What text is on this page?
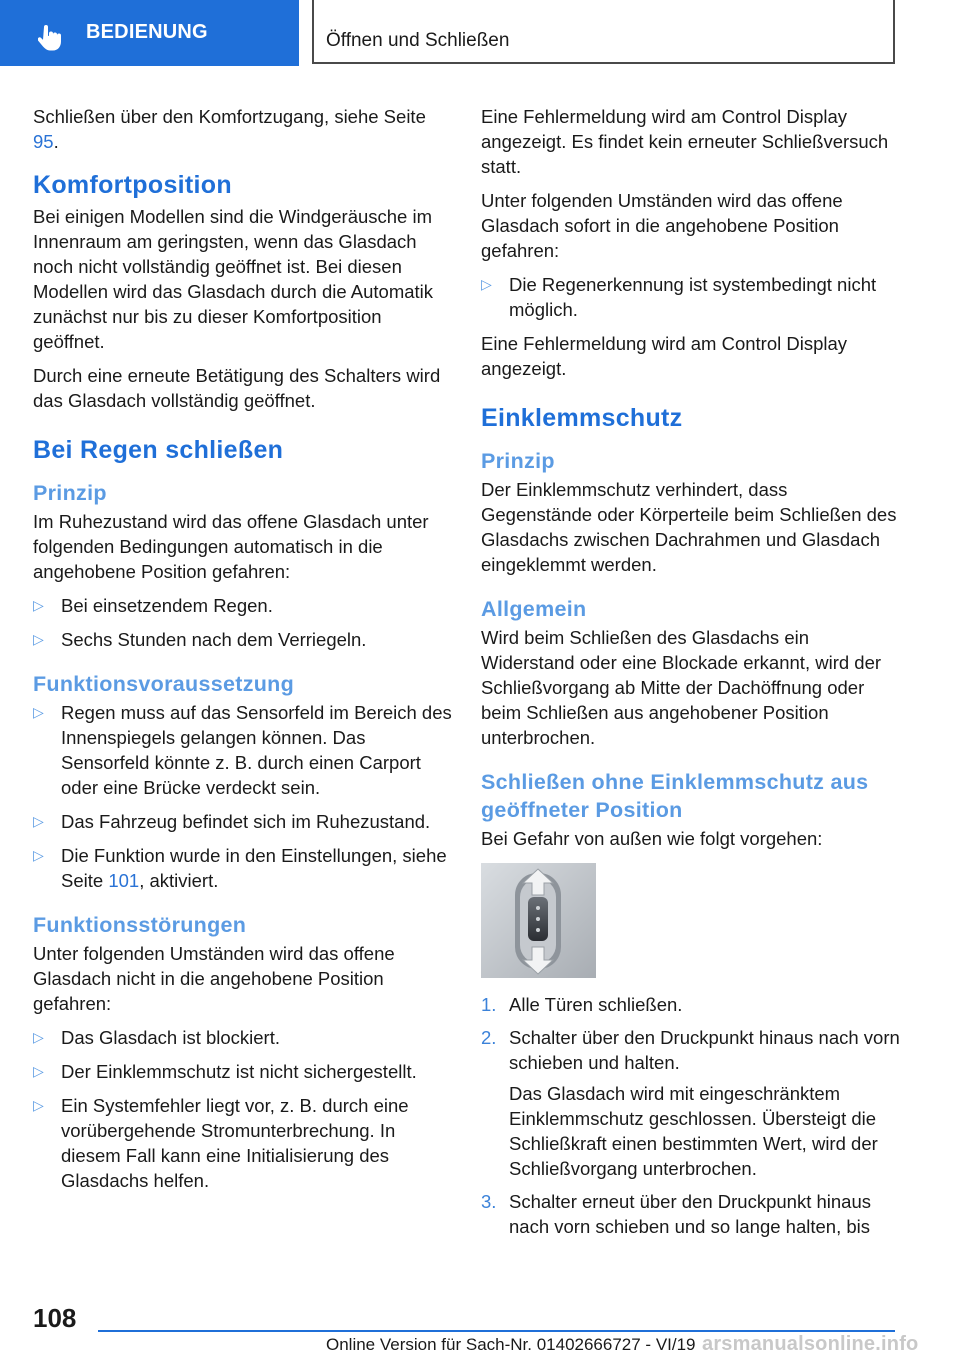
BEDIENUNG	Öffnen und Schließen

Schließen über den Komfortzugang, siehe Seite 95.

Komfortposition

Bei einigen Modellen sind die Windgeräusche im Innenraum am geringsten, wenn das Glasdach noch nicht vollständig geöffnet ist. Bei diesen Modellen wird das Glasdach durch die Automatik zunächst nur bis zu dieser Komfortposition geöffnet.

Durch eine erneute Betätigung des Schalters wird das Glasdach vollständig geöffnet.

Bei Regen schließen
Prinzip

Im Ruhezustand wird das offene Glasdach unter folgenden Bedingungen automatisch in die angehobene Position gefahren:

▷ Bei einsetzendem Regen.
▷ Sechs Stunden nach dem Verriegeln.
Funktionsvoraussetzung
▷ Regen muss auf das Sensorfeld im Bereich des Innenspiegels gelangen können. Das Sensorfeld könnte z. B. durch einen Carport oder eine Brücke verdeckt sein.
▷ Das Fahrzeug befindet sich im Ruhezustand.
▷ Die Funktion wurde in den Einstellungen, siehe Seite 101, aktiviert.
Funktionsstörungen

Unter folgenden Umständen wird das offene Glasdach nicht in die angehobene Position gefahren:

▷ Das Glasdach ist blockiert.
▷ Der Einklemmschutz ist nicht sichergestellt.
▷ Ein Systemfehler liegt vor, z. B. durch eine vorübergehende Stromunterbrechung. In diesem Fall kann eine Initialisierung des Glasdachs helfen.

Eine Fehlermeldung wird am Control Display angezeigt. Es findet kein erneuter Schließversuch statt.

Unter folgenden Umständen wird das offene Glasdach sofort in die angehobene Position gefahren:

▷ Die Regenerkennung ist systembedingt nicht möglich.

Eine Fehlermeldung wird am Control Display angezeigt.

Einklemmschutz
Prinzip

Der Einklemmschutz verhindert, dass Gegenstände oder Körperteile beim Schließen des Glasdachs zwischen Dachrahmen und Glasdach eingeklemmt werden.

Allgemein

Wird beim Schließen des Glasdachs ein Widerstand oder eine Blockade erkannt, wird der Schließvorgang ab Mitte der Dachöffnung oder beim Schließen aus angehobener Position unterbrochen.

Schließen ohne Einklemmschutz aus geöffneter Position

Bei Gefahr von außen wie folgt vorgehen:

1. Alle Türen schließen.
2. Schalter über den Druckpunkt hinaus nach vorn schieben und halten.
Das Glasdach wird mit eingeschränktem Einklemmschutz geschlossen. Übersteigt die Schließkraft einen bestimmten Wert, wird der Schließvorgang unterbrochen.
3. Schalter erneut über den Druckpunkt hinaus nach vorn schieben und so lange halten, bis
108
Online Version für Sach-Nr. 01402666727 - VI/19 arsmanualsonline.info
